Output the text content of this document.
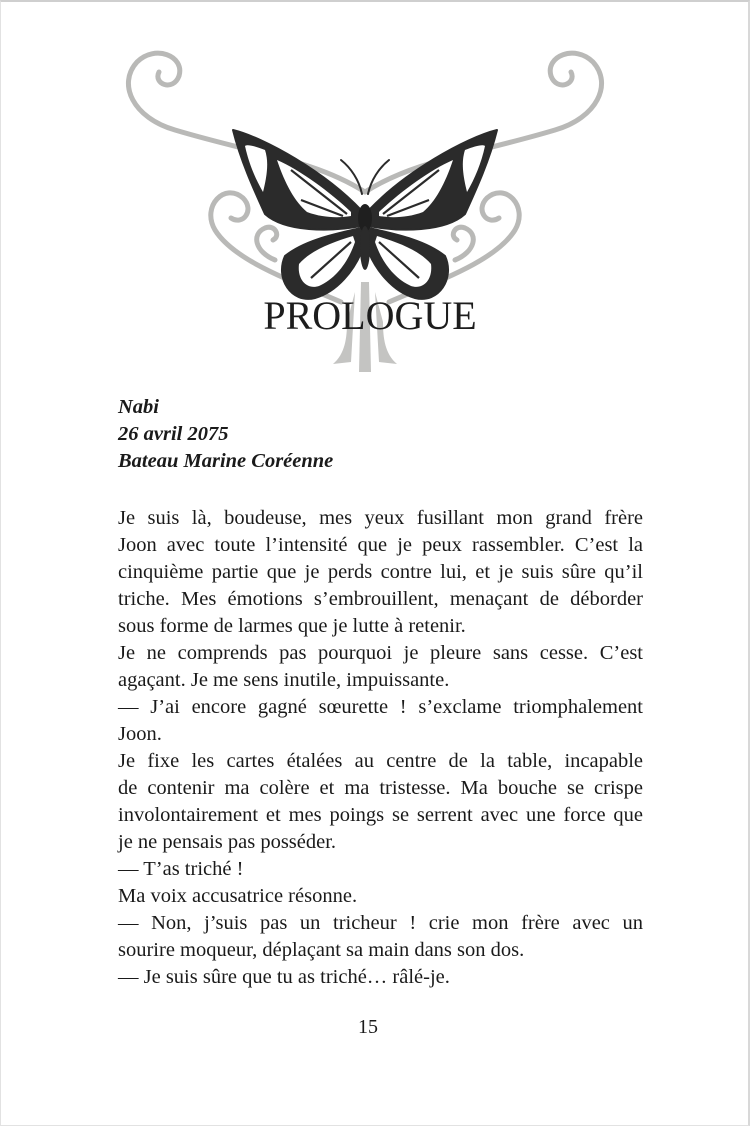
PROLOGUE
Nabi
26 avril 2075
Bateau Marine Coréenne
Je suis là, boudeuse, mes yeux fusillant mon grand frère
Joon avec toute l’intensité que je peux rassembler. C’est la
cinquième partie que je perds contre lui, et je suis sûre qu’il
triche. Mes émotions s’embrouillent, menaçant de déborder
sous forme de larmes que je lutte à retenir.
Je ne comprends pas pourquoi je pleure sans cesse. C’est
agaçant. Je me sens inutile, impuissante.
— J’ai encore gagné sœurette ! s’exclame triomphalement
Joon.
Je fixe les cartes étalées au centre de la table, incapable
de contenir ma colère et ma tristesse. Ma bouche se crispe
involontairement et mes poings se serrent avec une force que
je ne pensais pas posséder.
— T’as triché !
Ma voix accusatrice résonne.
— Non, j’suis pas un tricheur ! crie mon frère avec un
sourire moqueur, déplaçant sa main dans son dos.
— Je suis sûre que tu as triché… râlé-je.
15
